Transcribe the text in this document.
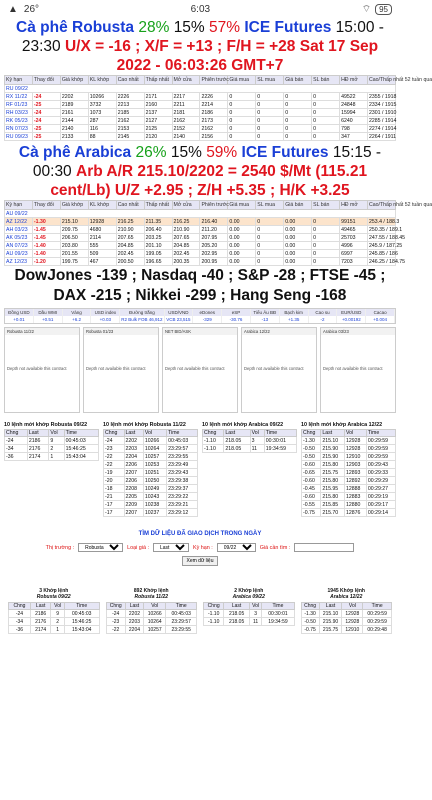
▲ 26°	6:03	⌔	95
Cà phê Robusta 28% 15% 57% ICE Futures 15:00 - 23:30 U/X = -16 ; X/F = +13 ; F/H = +28 Sat 17 Sep 2022 - 06:03:26 GMT+7
Kỳ hạn	Thay đổi	Giá khớp	KL khớp	Cao nhất	Thấp nhất	Mở cửa	Phiên trước	Giá mua	SL mua	Giá bán	SL bán	HĐ mở	Cao/Thấp nhất 52 tuần qua
RU 09/22													
RX 11/22	-24	2202	10266	2226	2171	2217	2226	0	0	0	0	49522	2355 / 1918
RF 01/23	-25	2189	3732	2213	2160	2211	2214	0	0	0	0	24848	2334 / 1915
RH 03/23	-24	2161	1073	2185	2137	2181	2186	0	0	0	0	15994	2301 / 1910
RK 05/23	-24	2144	287	2162	2127	2162	2173	0	0	0	0	6240	2285 / 1914
RN 07/23	-25	2140	116	2153	2125	2152	2162	0	0	0	0	798	2274 / 1914
RU 09/23	-25	2133	88	2145	2120	2140	2156	0	0	0	0	347	2264 / 1911
Cà phê Arabica 26% 15% 59% ICE Futures 15:15 - 00:30 Arb A/R 215.10/2202 = 2540 $/Mt (115.21 cent/Lb) U/Z +2.95 ; Z/H +5.35 ; H/K +3.25
Kỳ hạn	Thay đổi	Giá khớp	KL khớp	Cao nhất	Thấp nhất	Mở cửa	Phiên trước	Giá mua	SL mua	Giá bán	SL bán	HĐ mở	Cao/Thấp nhất 52 tuần qua
AU 09/22													
AZ 12/22	-1.30	215.10	12928	216.25	211.35	216.25	216.40	0.00	0	0.00	0	99151	253.4 / 188.3
AH 03/23	-1.45	209.75	4680	210.90	206.40	210.90	211.20	0.00	0	0.00	0	49465	250.35 / 189.1
AK 05/23	-1.45	206.50	2114	207.65	203.25	207.65	207.95	0.00	0	0.00	0	25703	247.55 / 188.45
AN 07/23	-1.40	203.80	555	204.85	201.10	204.85	205.20	0.00	0	0.00	0	4996	245.9 / 187.25
AU 09/23	-1.40	201.55	509	202.45	199.05	202.45	202.95	0.00	0	0.00	0	6997	245.85 / 186
AZ 12/23	-1.20	199.75	467	200.50	196.65	200.35	200.95	0.00	0	0.00	0	7203	246.25 / 184.75
DowJones -139 ; Nasdaq -40 ; S&P -28 ; FTSE -45 ; DAX -215 ; Nikkei -299 ; Hang Seng -168
Đồng USD	Dầu WMI	Vàng	USD index	Đường trắng	USD/VND	eDones	eSP	Tiểu Âu BĐ	Bạch kim	Cao su	EUR/USD	Cacao
+0.01	+0.51	+6.2	+0.03	R2 Bulk FOB 46,912 VCB 23,515	-329	-30.76	-13	+1.35	-2	+0.00192	+0.004
Robusta 11/22
Depth not available this contract
Robusta 01/23
Depth not available this contract
NET BID/ASK
Depth not available this contract
Arabica 12/22
Depth not available this contract
Arabica 03/23
Depth not available this contract
10 lệnh mới khớp Robusta 09/22
Chng	Last	Vol	Time
-24	2186	9	00:45:03
-34	2176	2	15:46:25
-36	2174	1	15:43:04
10 lệnh mới khớp Robusta 11/22
Chng	Last	Vol	Time
-24	2202	10266	00:45:03
-23	2203	10264	23:29:57
-22	2204	10257	23:29:55
-22	2206	10253	23:29:49
-19	2207	10251	23:29:43
-20	2206	10250	23:29:38
-18	2208	10249	23:29:37
-21	2205	10243	23:29:22
-17	2209	10238	23:29:21
-17	2207	10237	23:29:12
10 lệnh mới khớp Arabica 09/22
Chng	Last	Vol	Time
-1.10	218.05	3	00:30:01
-1.10	218.05	11	19:34:59
10 lệnh mới khớp Arabica 12/22
Chng	Last	Vol	Time
-1.30	215.10	12928	00:29:59
-0.50	215.90	12928	00:29:59
-0.50	215.90	12910	00:29:59
-0.60	215.80	12903	00:29:43
-0.65	215.75	12893	00:29:33
-0.60	215.80	12892	00:29:29
-0.45	215.95	12888	00:29:27
-0.60	215.80	12883	00:29:19
-0.55	215.85	12880	00:29:17
-0.75	215.70	12876	00:29:14
TÌM DỮ LIỆU ĐÃ GIAO DỊCH TRONG NGÀY
Thị trường :
Robusta	Loại giá :
Last	Kỳ hạn :
09/22	Giá cần tìm :
Xem dữ liệu
3 Khớp lệnh
Robusta 09/22
Chng	Last	Vol	Time
-24	2186	9	00:45:03
-34	2176	2	15:46:25
-36	2174	1	15:43:04
892 Khớp lệnh
Robusta 11/22
Chng	Last	Vol	Time
-24	2202	10266	00:45:03
-23	2203	10264	23:29:57
-22	2204	10257	23:29:55
2 Khớp lệnh
Arabica 09/22
Chng	Last	Vol	Time
-1.10	218.05	3	00:30:01
-1.10	218.05	11	19:34:59
1945 Khớp lệnh
Arabica 12/22
Chng	Last	Vol	Time
-1.30	215.10	12928	00:29:59
-0.50	215.90	12928	00:29:59
-0.75	215.75	12910	00:29:48
